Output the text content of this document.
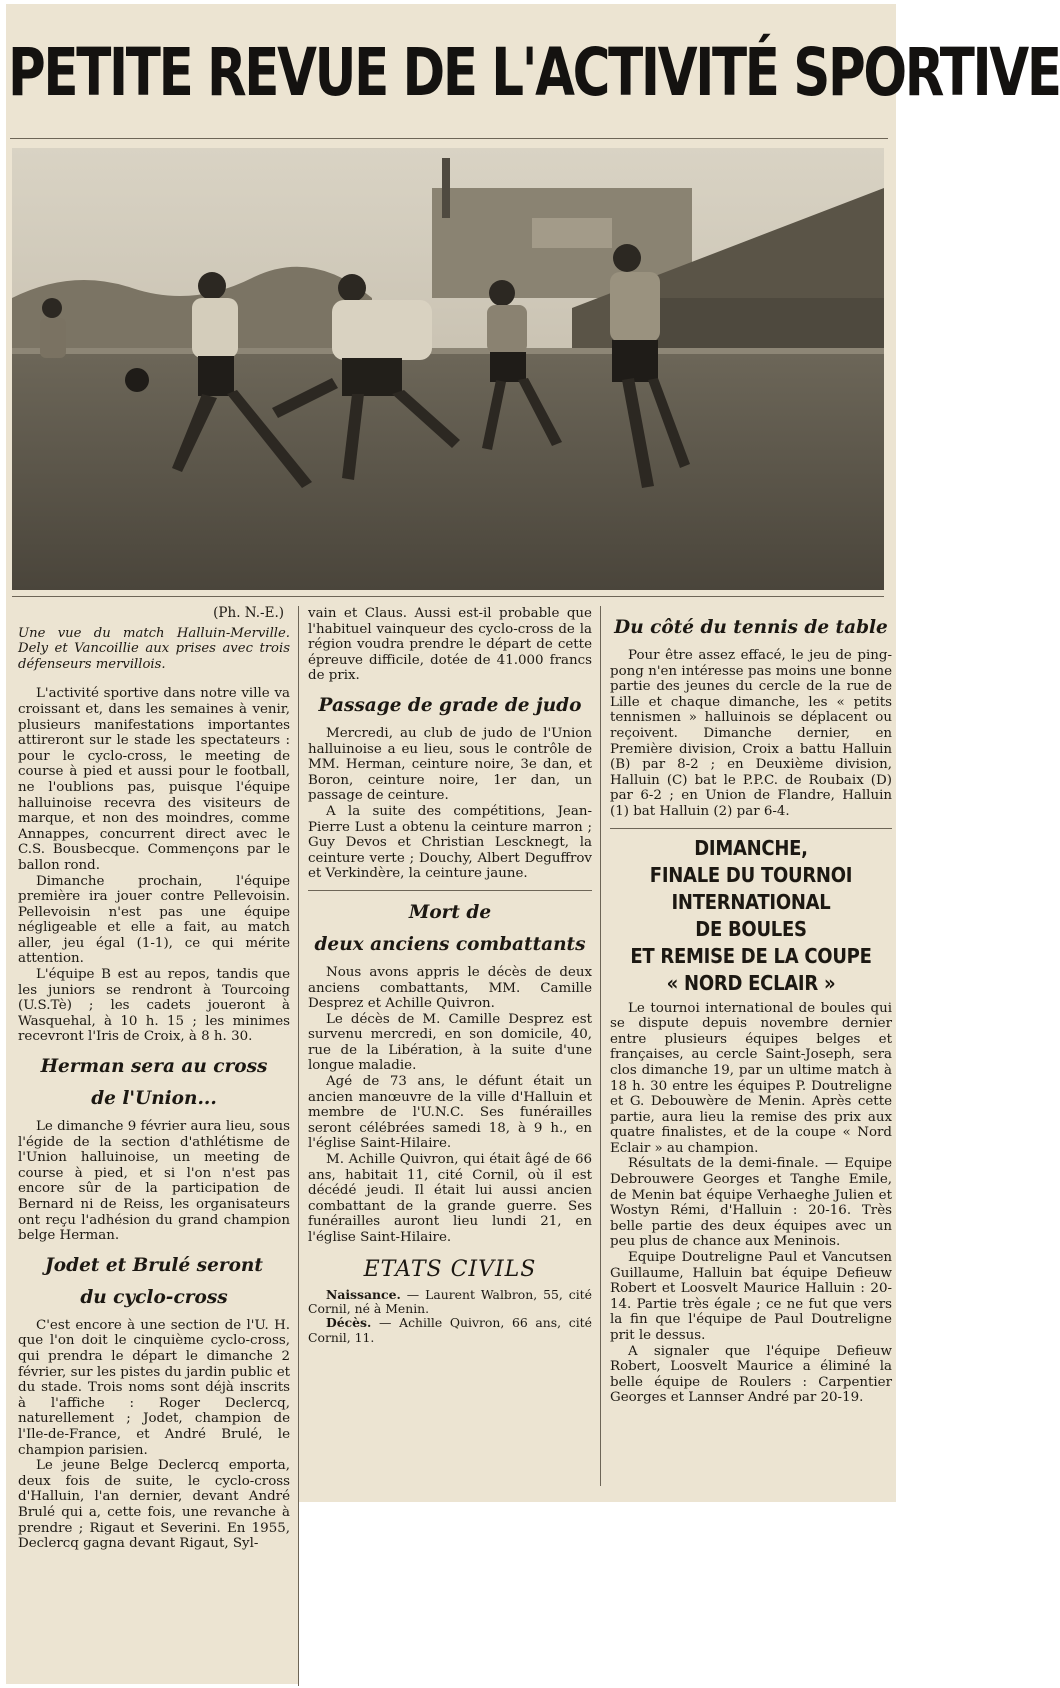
PETITE REVUE DE L'ACTIVITÉ SPORTIVE

(Ph. N.-E.)

Une vue du match Halluin-Merville. Dely et Vancoillie aux prises avec trois défenseurs mervillois.

L'activité sportive dans notre ville va croissant et, dans les semaines à venir, plusieurs manifestations importantes attireront sur le stade les spectateurs : pour le cyclo-cross, le meeting de course à pied et aussi pour le football, ne l'oublions pas, puisque l'équipe halluinoise recevra des visiteurs de marque, et non des moindres, comme Annappes, concurrent direct avec le C.S. Bousbecque. Commençons par le ballon rond.

Dimanche prochain, l'équipe première ira jouer contre Pellevoisin. Pellevoisin n'est pas une équipe négligeable et elle a fait, au match aller, jeu égal (1-1), ce qui mérite attention.

L'équipe B est au repos, tandis que les juniors se rendront à Tourcoing (U.S.Tè) ; les cadets joueront à Wasquehal, à 10 h. 15 ; les minimes recevront l'Iris de Croix, à 8 h. 30.

Herman sera au cross
de l'Union...

Le dimanche 9 février aura lieu, sous l'égide de la section d'athlétisme de l'Union halluinoise, un meeting de course à pied, et si l'on n'est pas encore sûr de la participation de Bernard ni de Reiss, les organisateurs ont reçu l'adhésion du grand champion belge Herman.

Jodet et Brulé seront
du cyclo-cross

C'est encore à une section de l'U. H. que l'on doit le cinquième cyclo-cross, qui prendra le départ le dimanche 2 février, sur les pistes du jardin public et du stade. Trois noms sont déjà inscrits à l'affiche : Roger Declercq, naturellement ; Jodet, champion de l'Ile-de-France, et André Brulé, le champion parisien.

Le jeune Belge Declercq emporta, deux fois de suite, le cyclo-cross d'Halluin, l'an dernier, devant André Brulé qui a, cette fois, une revanche à prendre ; Rigaut et Severini. En 1955, Declercq gagna devant Rigaut, Syl-

vain et Claus. Aussi est-il probable que l'habituel vainqueur des cyclo-cross de la région voudra prendre le départ de cette épreuve difficile, dotée de 41.000 francs de prix.

Passage de grade de judo

Mercredi, au club de judo de l'Union halluinoise a eu lieu, sous le contrôle de MM. Herman, ceinture noire, 3e dan, et Boron, ceinture noire, 1er dan, un passage de ceinture.

A la suite des compétitions, Jean-Pierre Lust a obtenu la ceinture marron ; Guy Devos et Christian Lescknegt, la ceinture verte ; Douchy, Albert Deguffrov et Verkindère, la ceinture jaune.

Mort de
deux anciens combattants

Nous avons appris le décès de deux anciens combattants, MM. Camille Desprez et Achille Quivron.

Le décès de M. Camille Desprez est survenu mercredi, en son domicile, 40, rue de la Libération, à la suite d'une longue maladie.

Agé de 73 ans, le défunt était un ancien manœuvre de la ville d'Halluin et membre de l'U.N.C. Ses funérailles seront célébrées samedi 18, à 9 h., en l'église Saint-Hilaire.

M. Achille Quivron, qui était âgé de 66 ans, habitait 11, cité Cornil, où il est décédé jeudi. Il était lui aussi ancien combattant de la grande guerre. Ses funérailles auront lieu lundi 21, en l'église Saint-Hilaire.

ETATS CIVILS

Naissance. — Laurent Walbron, 55, cité Cornil, né à Menin.

Décès. — Achille Quivron, 66 ans, cité Cornil, 11.

Du côté du tennis de table

Pour être assez effacé, le jeu de ping-pong n'en intéresse pas moins une bonne partie des jeunes du cercle de la rue de Lille et chaque dimanche, les « petits tennismen » halluinois se déplacent ou reçoivent. Dimanche dernier, en Première division, Croix a battu Halluin (B) par 8-2 ; en Deuxième division, Halluin (C) bat le P.P.C. de Roubaix (D) par 6-2 ; en Union de Flandre, Halluin (1) bat Halluin (2) par 6-4.

DIMANCHE,
FINALE DU TOURNOI
INTERNATIONAL
DE BOULES
ET REMISE DE LA COUPE
« NORD ECLAIR »

Le tournoi international de boules qui se dispute depuis novembre dernier entre plusieurs équipes belges et françaises, au cercle Saint-Joseph, sera clos dimanche 19, par un ultime match à 18 h. 30 entre les équipes P. Doutreligne et G. Debouwère de Menin. Après cette partie, aura lieu la remise des prix aux quatre finalistes, et de la coupe « Nord Eclair » au champion.

Résultats de la demi-finale. — Equipe Debrouwere Georges et Tanghe Emile, de Menin bat équipe Verhaeghe Julien et Wostyn Rémi, d'Halluin : 20-16. Très belle partie des deux équipes avec un peu plus de chance aux Meninois.

Equipe Doutreligne Paul et Vancutsen Guillaume, Halluin bat équipe Defieuw Robert et Loosvelt Maurice Halluin : 20-14. Partie très égale ; ce ne fut que vers la fin que l'équipe de Paul Doutreligne prit le dessus.

A signaler que l'équipe Defieuw Robert, Loosvelt Maurice a éliminé la belle équipe de Roulers : Carpentier Georges et Lannser André par 20-19.
